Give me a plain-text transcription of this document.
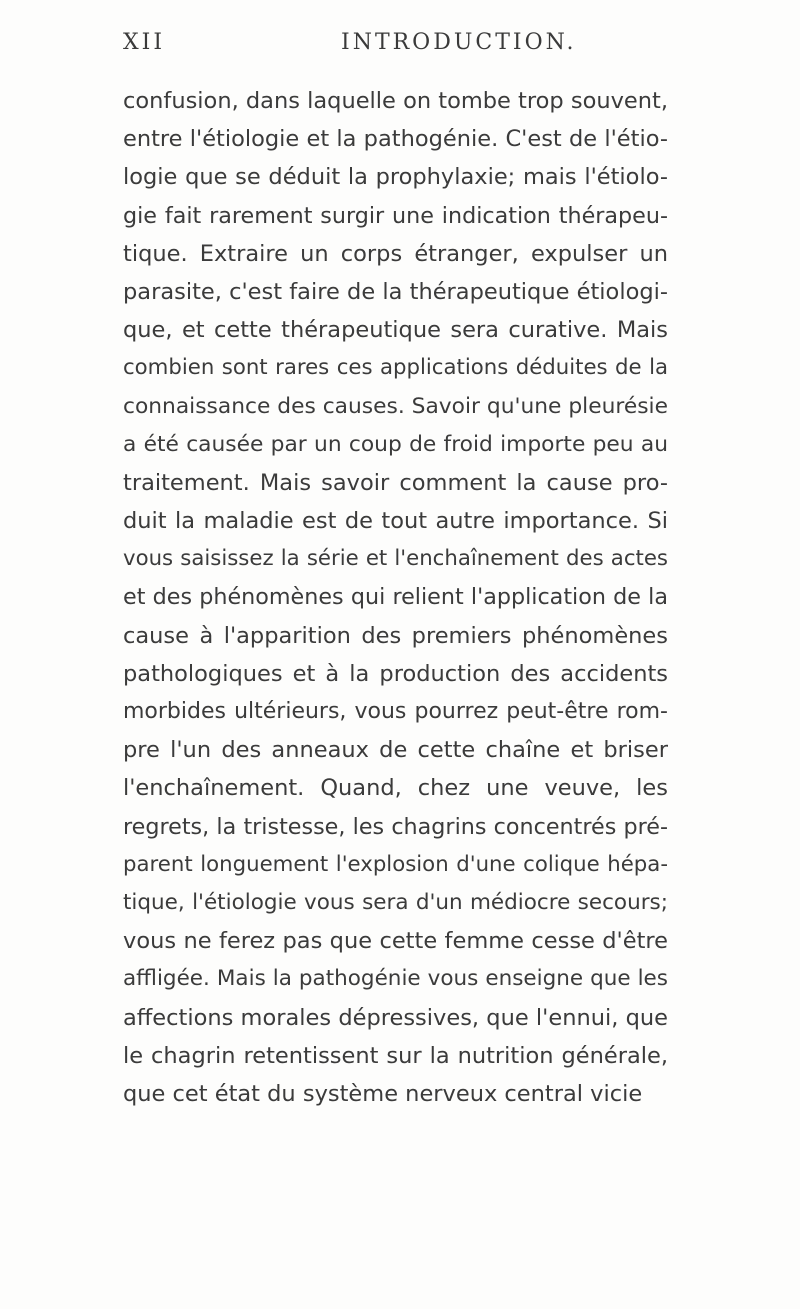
XII	INTRODUCTION.
confusion, dans laquelle on tombe trop souvent,
entre l'étiologie et la pathogénie. C'est de l'étio-
logie que se déduit la prophylaxie; mais l'étiolo-
gie fait rarement surgir une indication thérapeu-
tique. Extraire un corps étranger, expulser un
parasite, c'est faire de la thérapeutique étiologi-
que, et cette thérapeutique sera curative. Mais
combien sont rares ces applications déduites de la
connaissance des causes. Savoir qu'une pleurésie
a été causée par un coup de froid importe peu au
traitement. Mais savoir comment la cause pro-
duit la maladie est de tout autre importance. Si
vous saisissez la série et l'enchaînement des actes
et des phénomènes qui relient l'application de la
cause à l'apparition des premiers phénomènes
pathologiques et à la production des accidents
morbides ultérieurs, vous pourrez peut-être rom-
pre l'un des anneaux de cette chaîne et briser
l'enchaînement. Quand, chez une veuve, les
regrets, la tristesse, les chagrins concentrés pré-
parent longuement l'explosion d'une colique hépa-
tique, l'étiologie vous sera d'un médiocre secours;
vous ne ferez pas que cette femme cesse d'être
affligée. Mais la pathogénie vous enseigne que les
affections morales dépressives, que l'ennui, que
le chagrin retentissent sur la nutrition générale,
que cet état du système nerveux central vicie
